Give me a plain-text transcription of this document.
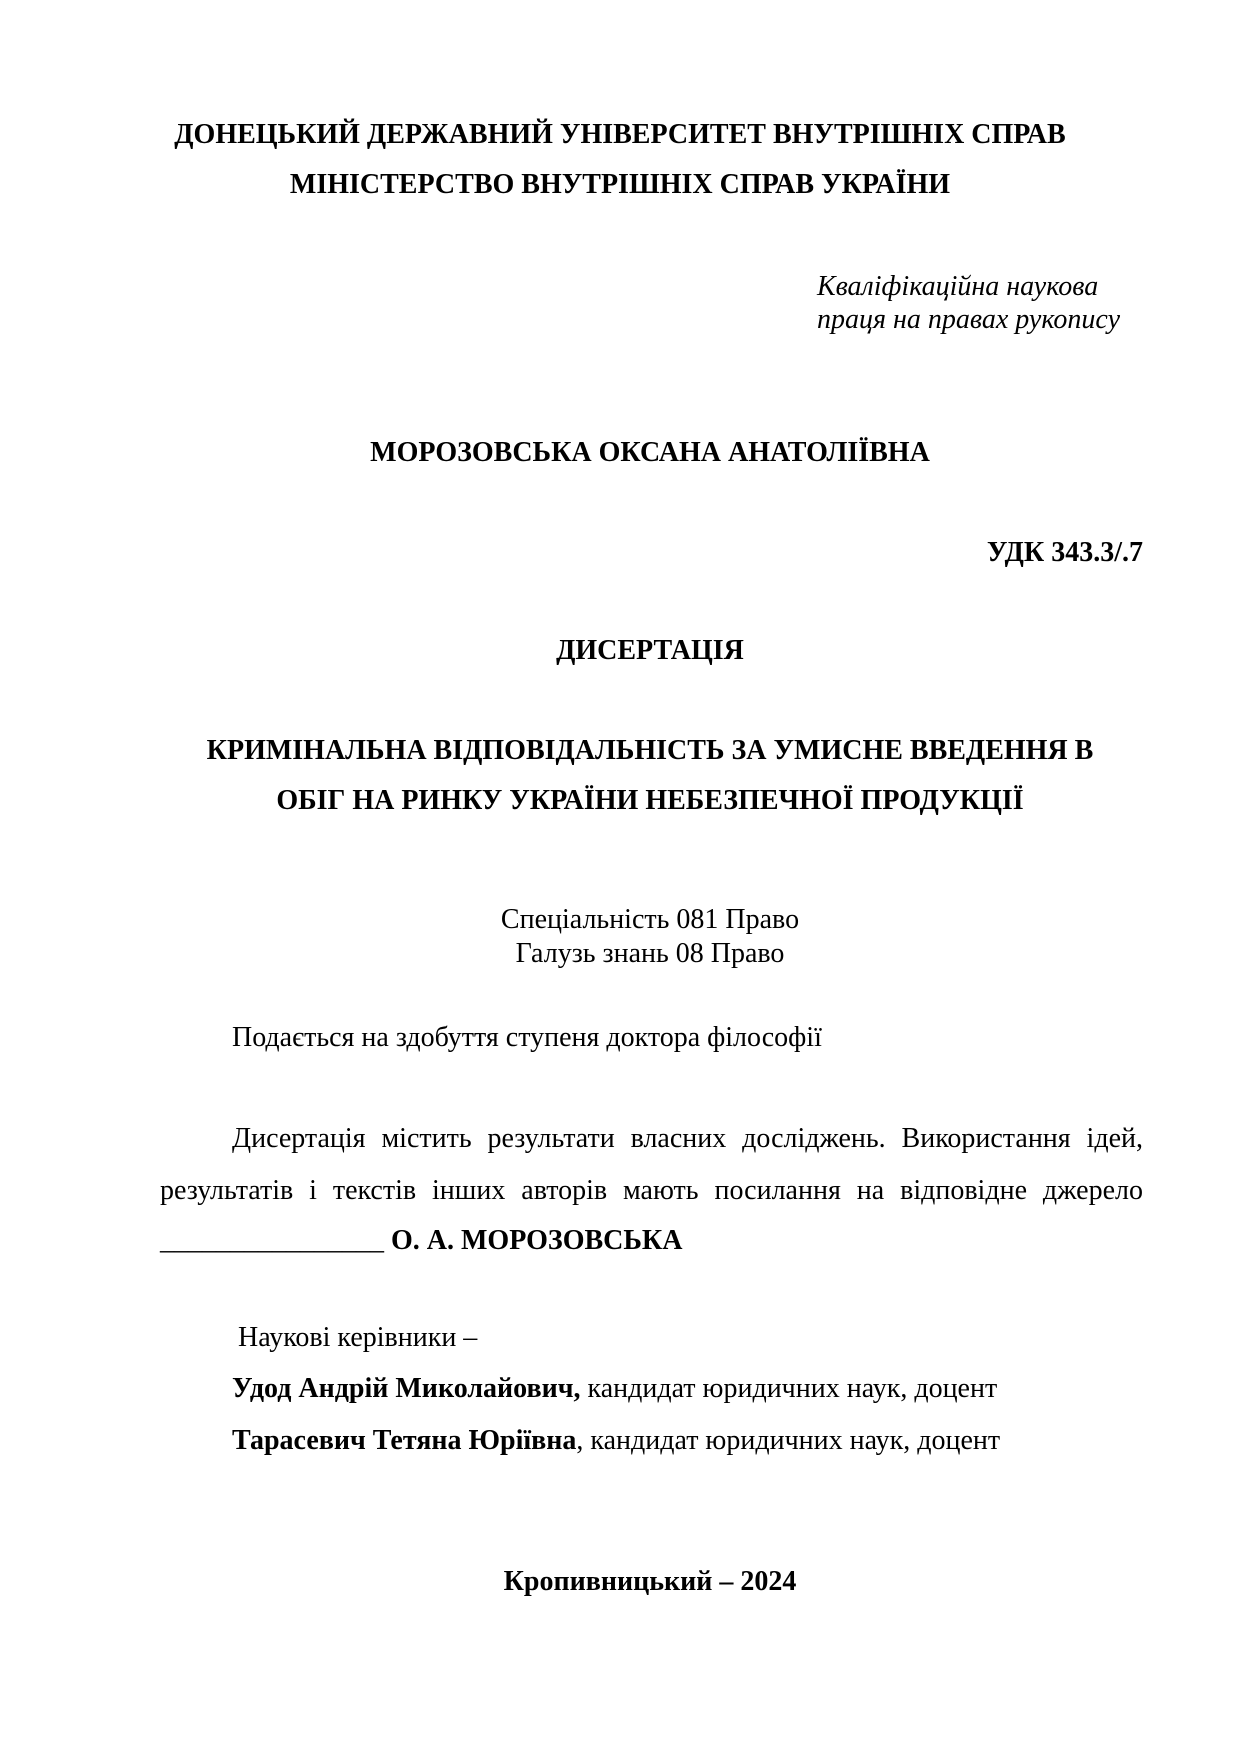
ДОНЕЦЬКИЙ ДЕРЖАВНИЙ УНІВЕРСИТЕТ ВНУТРІШНІХ СПРАВ
МІНІСТЕРСТВО ВНУТРІШНІХ СПРАВ УКРАЇНИ
Кваліфікаційна наукова
праця на правах рукопису
МОРОЗОВСЬКА ОКСАНА АНАТОЛІЇВНА
УДК 343.3/.7
ДИСЕРТАЦІЯ
КРИМІНАЛЬНА ВІДПОВІДАЛЬНІСТЬ ЗА УМИСНЕ ВВЕДЕННЯ В
ОБІГ НА РИНКУ УКРАЇНИ НЕБЕЗПЕЧНОЇ ПРОДУКЦІЇ
Спеціальність 081 Право
Галузь знань 08 Право
Подається на здобуття ступеня доктора філософії
Дисертація містить результати власних досліджень. Використання ідей,
результатів і текстів інших авторів мають посилання на відповідне джерело
________________ О. А. МОРОЗОВСЬКА
Наукові керівники –
Удод Андрій Миколайович, кандидат юридичних наук, доцент
Тарасевич Тетяна Юріївна, кандидат юридичних наук, доцент
Кропивницький – 2024
